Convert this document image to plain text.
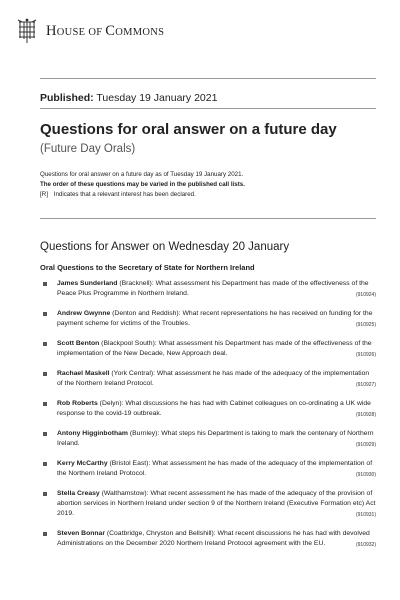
HOUSE OF COMMONS
Published: Tuesday 19 January 2021
Questions for oral answer on a future day
(Future Day Orals)
Questions for oral answer on a future day as of Tuesday 19 January 2021.
The order of these questions may be varied in the published call lists.
[R] Indicates that a relevant interest has been declared.
Questions for Answer on Wednesday 20 January
Oral Questions to the Secretary of State for Northern Ireland
James Sunderland (Bracknell): What assessment his Department has made of the effectiveness of the Peace Plus Programme in Northern Ireland.	(910924)
Andrew Gwynne (Denton and Reddish): What recent representations he has received on funding for the payment scheme for victims of the Troubles.	(910925)
Scott Benton (Blackpool South): What assessment his Department has made of the effectiveness of the implementation of the New Decade, New Approach deal.	(910926)
Rachael Maskell (York Central): What assessment he has made of the adequacy of the implementation of the Northern Ireland Protocol.	(910927)
Rob Roberts (Delyn): What discussions he has had with Cabinet colleagues on co-ordinating a UK wide response to the covid-19 outbreak.	(910928)
Antony Higginbotham (Burnley): What steps his Department is taking to mark the centenary of Northern Ireland.	(910929)
Kerry McCarthy (Bristol East): What assessment he has made of the adequacy of the implementation of the Northern Ireland Protocol.	(910930)
Stella Creasy (Walthamstow): What recent assessment he has made of the adequacy of the provision of abortion services in Northern Ireland under section 9 of the Northern Ireland (Executive Formation etc) Act 2019.	(910931)
Steven Bonnar (Coatbridge, Chryston and Bellshill): What recent discussions he has had with devolved Administrations on the December 2020 Northern Ireland Protocol agreement with the EU.	(910932)
